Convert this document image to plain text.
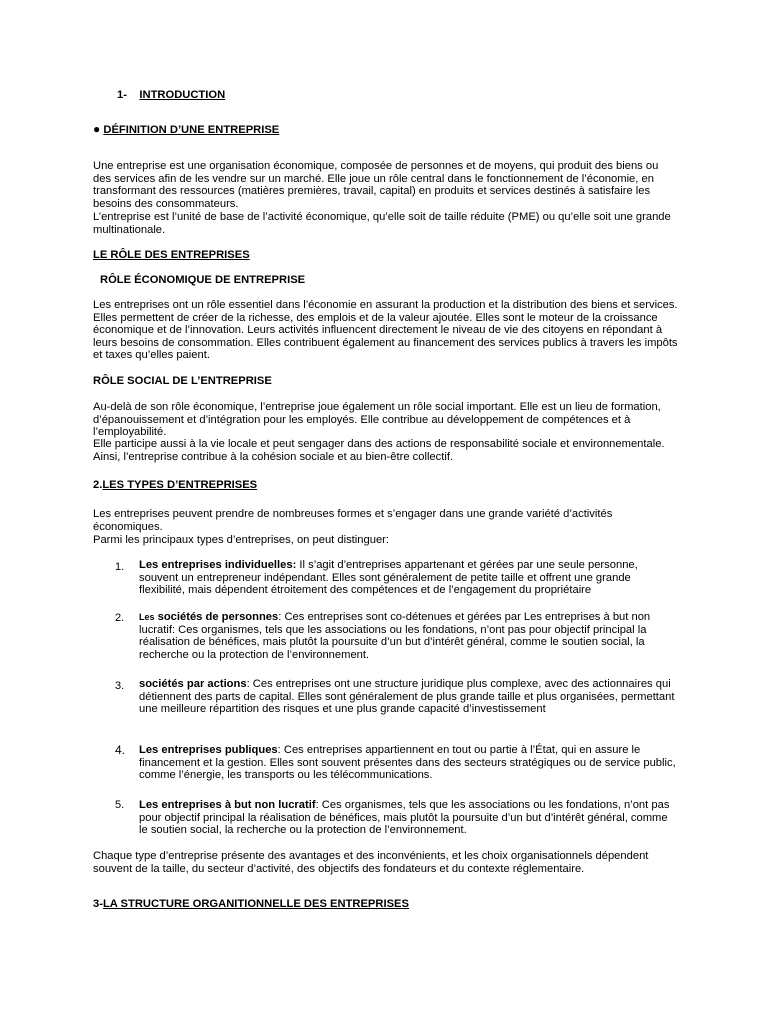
1- INTRODUCTION
● DÉFINITION D’UNE ENTREPRISE

Une entreprise est une organisation économique, composée de personnes et de moyens, qui produit des biens ou des services afin de les vendre sur un marché. Elle joue un rôle central dans le fonctionnement de l’économie, en transformant des ressources (matières premières, travail, capital) en produits et services destinés à satisfaire les besoins des consommateurs.

L’entreprise est l’unité de base de l’activité économique, qu’elle soit de taille réduite (PME) ou qu’elle soit une grande multinationale.

LE RÔLE DES ENTREPRISES
RÔLE ÉCONOMIQUE DE ENTREPRISE

Les entreprises ont un rôle essentiel dans l’économie en assurant la production et la distribution des biens et services. Elles permettent de créer de la richesse, des emplois et de la valeur ajoutée. Elles sont le moteur de la croissance économique et de l’innovation. Leurs activités influencent directement le niveau de vie des citoyens en répondant à leurs besoins de consommation. Elles contribuent également au financement des services publics à travers les impôts et taxes qu’elles paient.

RÔLE SOCIAL DE L’ENTREPRISE

Au-delà de son rôle économique, l’entreprise joue également un rôle social important. Elle est un lieu de formation, d’épanouissement et d’intégration pour les employés. Elle contribue au développement de compétences et à l’employabilité.

Elle participe aussi à la vie locale et peut sengager dans des actions de responsabilité sociale et environnementale. Ainsi, l’entreprise contribue à la cohésion sociale et au bien-être collectif.

2.LES TYPES D’ENTREPRISES

Les entreprises peuvent prendre de nombreuses formes et s’engager dans une grande variété d’activités économiques.

Parmi les principaux types d’entreprises, on peut distinguer:

1.	Les entreprises individuelles: Il s’agit d’entreprises appartenant et gérées par une seule personne, souvent un entrepreneur indépendant. Elles sont généralement de petite taille et offrent une grande flexibilité, mais dépendent étroitement des compétences et de l’engagement du propriétaire
2.	Les sociétés de personnes: Ces entreprises sont co-détenues et gérées par Les entreprises à but non lucratif: Ces organismes, tels que les associations ou les fondations, n’ont pas pour objectif principal la réalisation de bénéfices, mais plutôt la poursuite d’un but d’intérêt général, comme le soutien social, la recherche ou la protection de l’environnement.
3.	sociétés par actions: Ces entreprises ont une structure juridique plus complexe, avec des actionnaires qui détiennent des parts de capital. Elles sont généralement de plus grande taille et plus organisées, permettant une meilleure répartition des risques et une plus grande capacité d’investissement
4.	Les entreprises publiques: Ces entreprises appartiennent en tout ou partie à l’État, qui en assure le financement et la gestion. Elles sont souvent présentes dans des secteurs stratégiques ou de service public, comme l’énergie, les transports ou les télécommunications.
5.	Les entreprises à but non lucratif: Ces organismes, tels que les associations ou les fondations, n’ont pas pour objectif principal la réalisation de bénéfices, mais plutôt la poursuite d’un but d’intérêt général, comme le soutien social, la recherche ou la protection de l’environnement.

Chaque type d’entreprise présente des avantages et des inconvénients, et les choix organisationnels dépendent souvent de la taille, du secteur d’activité, des objectifs des fondateurs et du contexte réglementaire.

3-LA STRUCTURE ORGANITIONNELLE DES ENTREPRISES
